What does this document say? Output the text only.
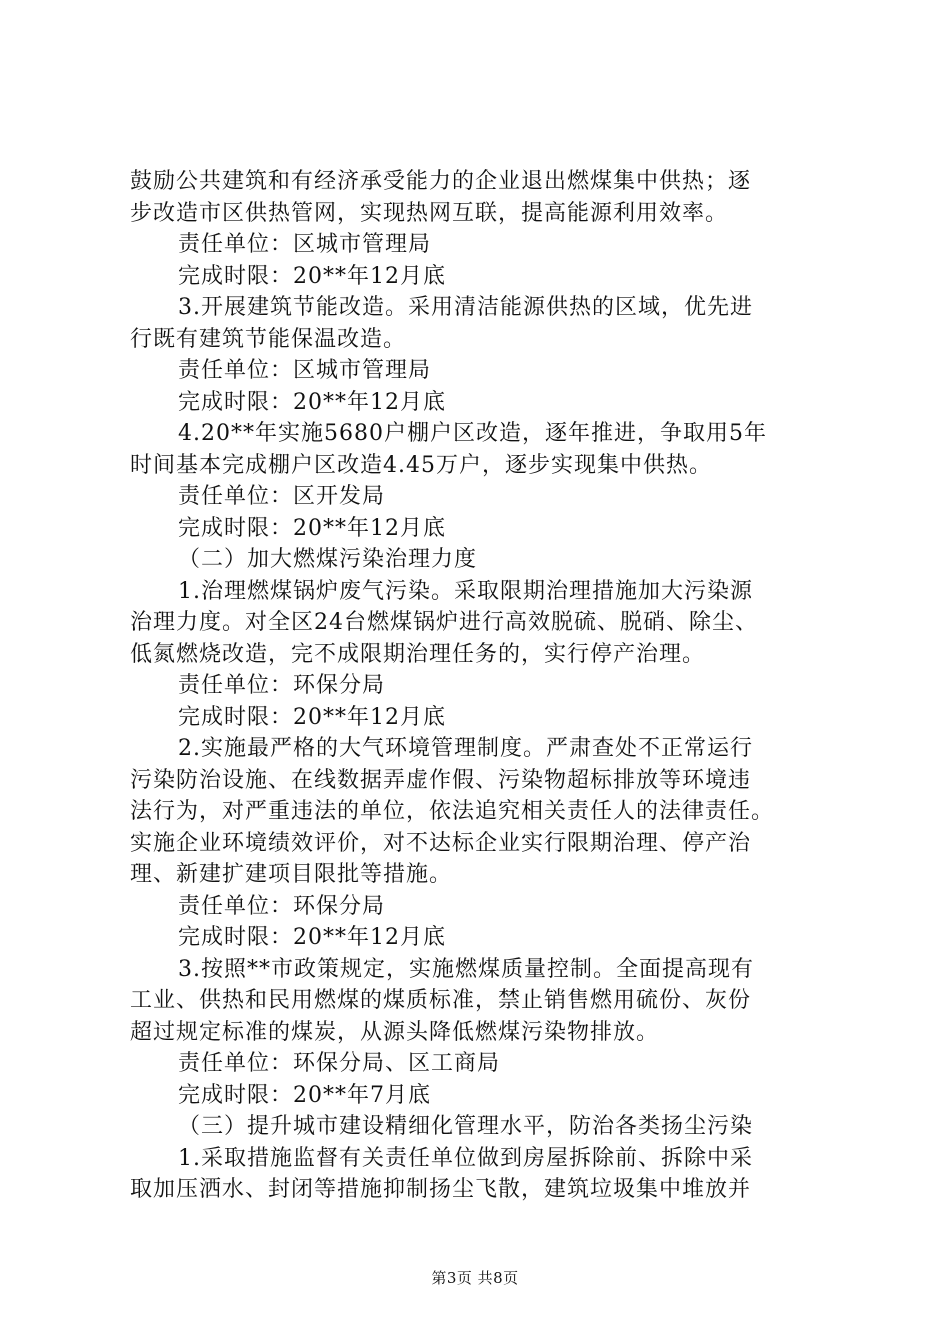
鼓励公共建筑和有经济承受能力的企业退出燃煤集中供热；逐
步改造市区供热管网，实现热网互联，提高能源利用效率。
责任单位：区城市管理局
完成时限：20**年12月底
3.开展建筑节能改造。采用清洁能源供热的区域，优先进
行既有建筑节能保温改造。
责任单位：区城市管理局
完成时限：20**年12月底
4.20**年实施5680户棚户区改造，逐年推进，争取用5年
时间基本完成棚户区改造4.45万户，逐步实现集中供热。
责任单位：区开发局
完成时限：20**年12月底
（二）加大燃煤污染治理力度
1.治理燃煤锅炉废气污染。采取限期治理措施加大污染源
治理力度。对全区24台燃煤锅炉进行高效脱硫、脱硝、除尘、
低氮燃烧改造，完不成限期治理任务的，实行停产治理。
责任单位：环保分局
完成时限：20**年12月底
2.实施最严格的大气环境管理制度。严肃查处不正常运行
污染防治设施、在线数据弄虚作假、污染物超标排放等环境违
法行为，对严重违法的单位，依法追究相关责任人的法律责任。
实施企业环境绩效评价，对不达标企业实行限期治理、停产治
理、新建扩建项目限批等措施。
责任单位：环保分局
完成时限：20**年12月底
3.按照**市政策规定，实施燃煤质量控制。全面提高现有
工业、供热和民用燃煤的煤质标准，禁止销售燃用硫份、灰份
超过规定标准的煤炭，从源头降低燃煤污染物排放。
责任单位：环保分局、区工商局
完成时限：20**年7月底
（三）提升城市建设精细化管理水平，防治各类扬尘污染
1.采取措施监督有关责任单位做到房屋拆除前、拆除中采
取加压洒水、封闭等措施抑制扬尘飞散，建筑垃圾集中堆放并
第3页 共8页
